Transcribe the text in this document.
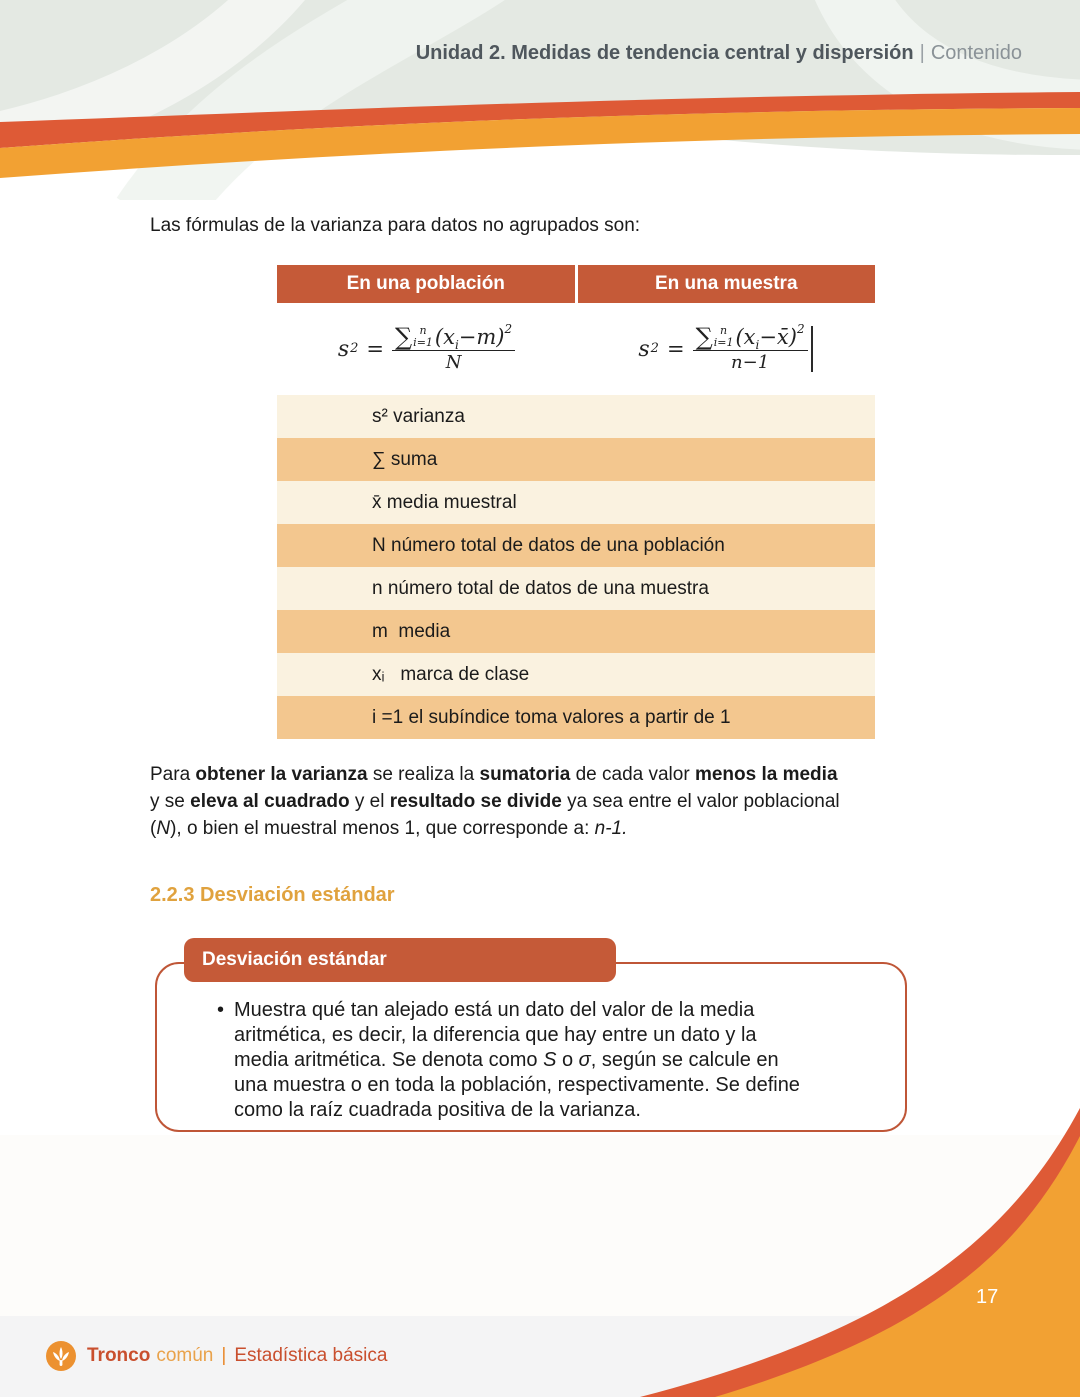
Unidad 2. Medidas de tendencia central y dispersión | Contenido
Las fórmulas de la varianza para datos no agrupados son:
En una población	En una muestra
s 2 = ∑ n
i=1 (x i −m) 2
N
s 2 = ∑ n
i=1 (x i −x̄) 2
n−1
s² varianza
∑ suma
x̄ media muestral
N número total de datos de una población
n número total de datos de una muestra
m  media
xᵢ   marca de clase
i =1 el subíndice toma valores a partir de 1
Para obtener la varianza se realiza la sumatoria de cada valor menos la media
y se eleva al cuadrado y el resultado se divide ya sea entre el valor poblacional
(N), o bien el muestral menos 1, que corresponde a: n-1.
2.2.3 Desviación estándar
Desviación estándar
• Muestra qué tan alejado está un dato del valor de la media
aritmética, es decir, la diferencia que hay entre un dato y la
media aritmética. Se denota como S o σ, según se calcule en
una muestra o en toda la población, respectivamente. Se define
como la raíz cuadrada positiva de la varianza.
17
Tronco común | Estadística básica
